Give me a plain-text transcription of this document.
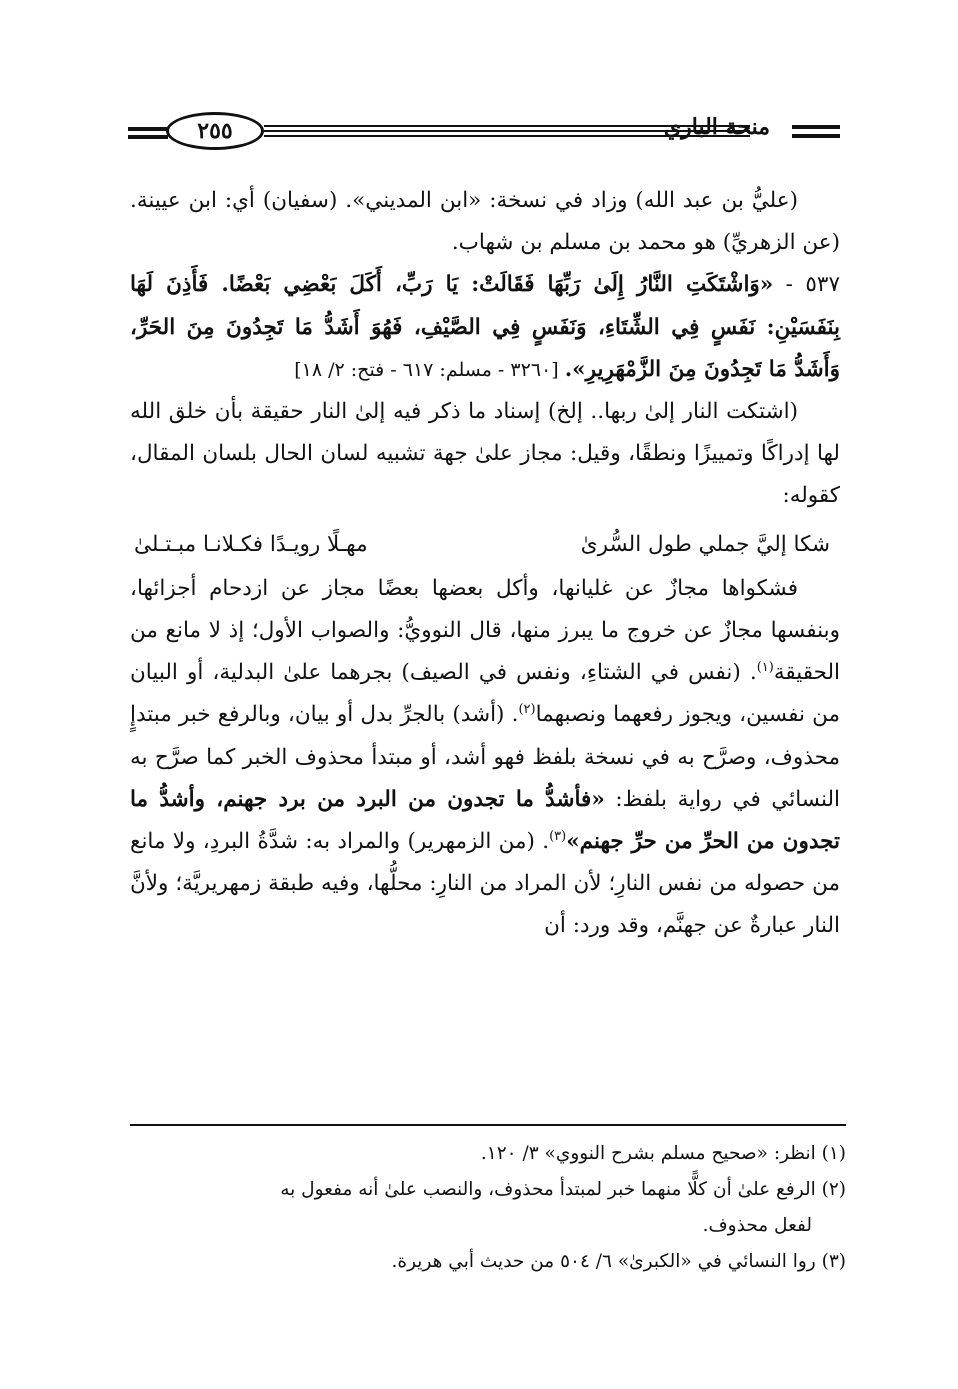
٢٥٥	منحة الباري

(عليُّ بن عبد الله) وزاد في نسخة: «ابن المديني». (سفيان) أي: ابن عيينة. (عن الزهريِّ) هو محمد بن مسلم بن شهاب.

٥٣٧ - «وَاشْتَكَتِ النَّارُ إِلَىٰ رَبِّهَا فَقَالَتْ: يَا رَبِّ، أَكَلَ بَعْضِي بَعْضًا. فَأَذِنَ لَهَا بِنَفَسَيْنِ: نَفَسٍ فِي الشِّتَاءِ، وَنَفَسٍ فِي الصَّيْفِ، فَهُوَ أَشَدُّ مَا تَجِدُونَ مِنَ الحَرِّ، وَأَشَدُّ مَا تَجِدُونَ مِنَ الزَّمْهَرِيرِ». [٣٢٦٠ - مسلم: ٦١٧ - فتح: ٢/ ١٨]

(اشتكت النار إلىٰ ربها.. إلخ) إسناد ما ذكر فيه إلىٰ النار حقيقة بأن خلق الله لها إدراكًا وتمييزًا ونطقًا، وقيل: مجاز علىٰ جهة تشبيه لسان الحال بلسان المقال، كقوله:

شكا إليَّ جملي طول السُّرىٰ
مهـلًا رويـدًا فكـلانـا مبـتـلىٰ

فشكواها مجازٌ عن غليانها، وأكل بعضها بعضًا مجاز عن ازدحام أجزائها، وبنفسها مجازٌ عن خروج ما يبرز منها، قال النوويُّ: والصواب الأول؛ إذ لا مانع من الحقيقة$^{(١)}$. (نفس في الشتاءِ، ونفس في الصيف) بجرهما علىٰ البدلية، أو البيان من نفسين، ويجوز رفعهما ونصبهما$^{(٢)}$. (أشد) بالجرِّ بدل أو بيان، وبالرفع خبر مبتدإٍ محذوف، وصرَّح به في نسخة بلفظ فهو أشد، أو مبتدأ محذوف الخبر كما صرَّح به النسائي في رواية بلفظ: «فأشدُّ ما تجدون من البرد من برد جهنم، وأشدُّ ما تجدون من الحرِّ من حرِّ جهنم»$^{(٣)}$. (من الزمهرير) والمراد به: شدَّةُ البردِ، ولا مانع من حصوله من نفس النارِ؛ لأن المراد من النارِ: محلُّها، وفيه طبقة زمهريريَّة؛ ولأنَّ النار عبارةٌ عن جهنَّم، وقد ورد: أن

(١) انظر: «صحيح مسلم بشرح النووي» ٣/ ١٢٠.

(٢) الرفع علىٰ أن كلًّا منهما خبر لمبتدأ محذوف، والنصب علىٰ أنه مفعول به

لفعل محذوف.

(٣) روا النسائي في «الكبرىٰ» ٦/ ٥٠٤ من حديث أبي هريرة.
